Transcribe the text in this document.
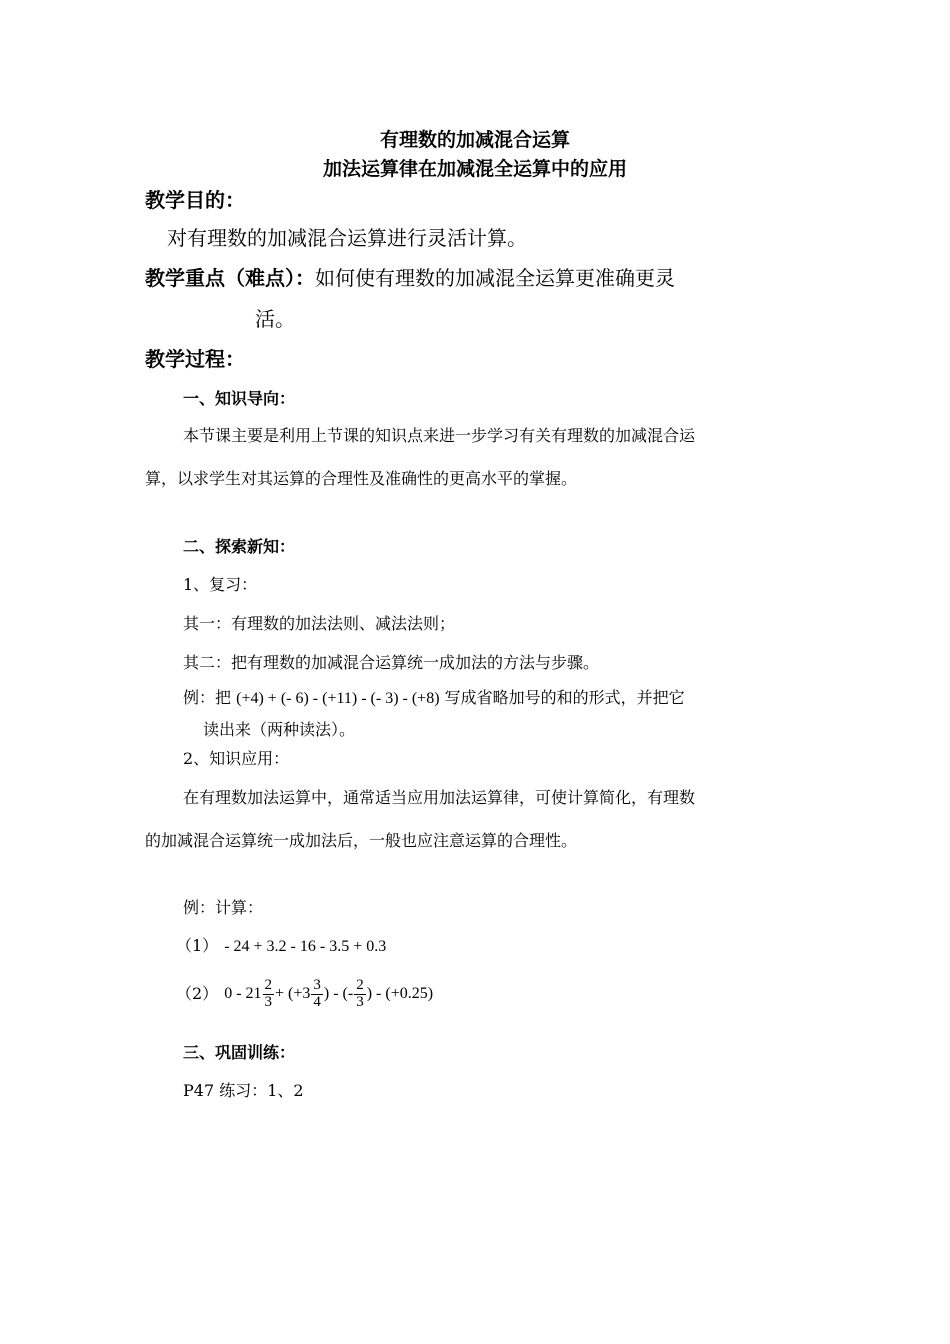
有理数的加减混合运算
加法运算律在加减混全运算中的应用
教学目的：
对有理数的加减混合运算进行灵活计算。
教学重点（难点）：如何使有理数的加减混全运算更准确更灵
活。
教学过程：
一、知识导向：
本节课主要是利用上节课的知识点来进一步学习有关有理数的加减混合运
算，以求学生对其运算的合理性及准确性的更高水平的掌握。
二、探索新知：
1、复习：
其一：有理数的加法法则、减法法则；
其二：把有理数的加减混合运算统一成加法的方法与步骤。
例：把 (+4) + (- 6) - (+11) - (- 3) - (+8) 写成省略加号的和的形式，并把它
读出来（两种读法）。
2、知识应用：
在有理数加法运算中，通常适当应用加法运算律，可使计算简化，有理数
的加减混合运算统一成加法后，一般也应注意运算的合理性。
例：计算：
（1） - 24 + 3.2 - 16 - 3.5 + 0.3
（2） $0 - 21 \frac{2}{3} + (+3 \frac{3}{4}$ ) - (- $\frac{2}{3}$ ) - (+0.25)
三、巩固训练：
P47 练习：1、2
